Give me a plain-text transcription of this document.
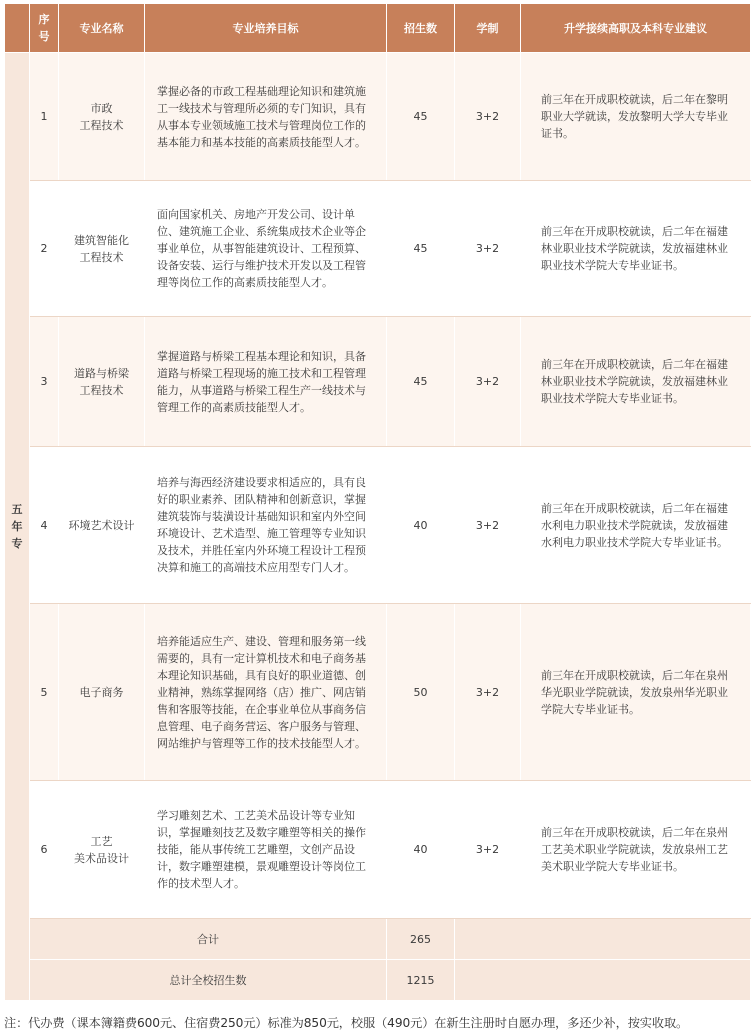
	序
号	专业名称	专业培养目标	招生数	学制	升学接续高职及本科专业建议
五
年
专	1	市政
工程技术	掌握必备的市政工程基础理论知识和建筑施工一线技术与管理所必须的专门知识，具有从事本专业领域施工技术与管理岗位工作的基本能力和基本技能的高素质技能型人才。	45	3+2	前三年在开成职校就读，后二年在黎明职业大学就读，发放黎明大学大专毕业证书。
	2	建筑智能化
工程技术	面向国家机关、房地产开发公司、设计单位、建筑施工企业、系统集成技术企业等企事业单位，从事智能建筑设计、工程预算、设备安装、运行与维护技术开发以及工程管理等岗位工作的高素质技能型人才。	45	3+2	前三年在开成职校就读，后二年在福建林业职业技术学院就读，发放福建林业职业技术学院大专毕业证书。
	3	道路与桥梁
工程技术	掌握道路与桥梁工程基本理论和知识，具备道路与桥梁工程现场的施工技术和工程管理能力，从事道路与桥梁工程生产一线技术与管理工作的高素质技能型人才。	45	3+2	前三年在开成职校就读，后二年在福建林业职业技术学院就读，发放福建林业职业技术学院大专毕业证书。
	4	环境艺术设计	培养与海西经济建设要求相适应的，具有良好的职业素养、团队精神和创新意识，掌握建筑装饰与装潢设计基础知识和室内外空间环境设计、艺术造型、施工管理等专业知识及技术，并胜任室内外环境工程设计工程预决算和施工的高端技术应用型专门人才。	40	3+2	前三年在开成职校就读，后二年在福建水利电力职业技术学院就读，发放福建水利电力职业技术学院大专毕业证书。
	5	电子商务	培养能适应生产、建设、管理和服务第一线需要的，具有一定计算机技术和电子商务基本理论知识基础，具有良好的职业道德、创业精神，熟练掌握网络（店）推广、网店销售和客服等技能，在企事业单位从事商务信息管理、电子商务营运、客户服务与管理、网站维护与管理等工作的技术技能型人才。	50	3+2	前三年在开成职校就读，后二年在泉州华光职业学院就读，发放泉州华光职业学院大专毕业证书。
	6	工艺
美术品设计	学习雕刻艺术、工艺美术品设计等专业知识，掌握雕刻技艺及数字雕塑等相关的操作技能，能从事传统工艺雕塑，文创产品设计，数字雕塑建模，景观雕塑设计等岗位工作的技术型人才。	40	3+2	前三年在开成职校就读，后二年在泉州工艺美术职业学院就读，发放泉州工艺美术职业学院大专毕业证书。
	合计			265		
	总计全校招生数			1215		
注：代办费（课本簿籍费600元、住宿费250元）标准为850元，校服（490元）在新生注册时自愿办理，多还少补，按实收取。
